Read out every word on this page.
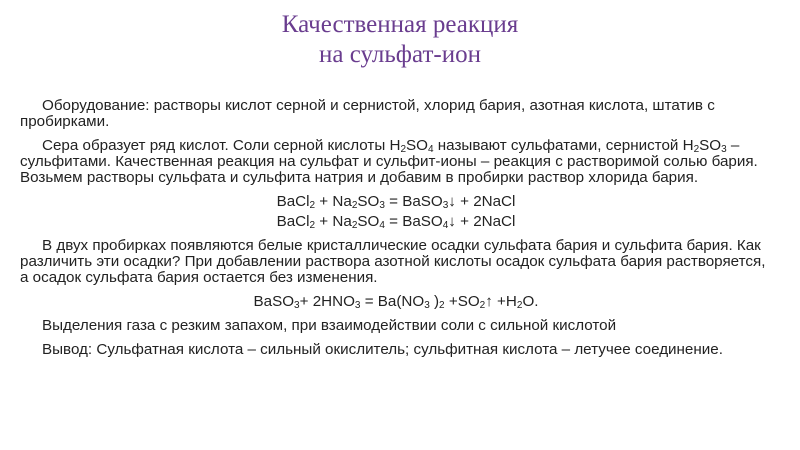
Качественная реакция
на сульфат-ион

Оборудование: растворы кислот серной и сернистой, хлорид бария, азотная кислота, штатив с пробирками.

Сера образует ряд кислот. Соли серной кислоты $H_2SO_4$ называют сульфатами, сернистой $H_2SO_3$ – сульфитами. Качественная реакция на сульфат и сульфит-ионы – реакция с растворимой солью бария. Возьмем растворы сульфата и сульфита натрия и добавим в пробирки раствор хлорида бария.

BaCl$_2$ + $Na_2SO_3$ = BaSO$_3$↓ + 2NaCl
BaCl$_2$ + $Na_2SO_4$ = BaSO$_4$↓ + 2NaCl

В двух пробирках появляются белые кристаллические осадки сульфата бария и сульфита бария. Как различить эти осадки? При добавлении раствора азотной кислоты осадок сульфата бария растворяется, а осадок сульфата бария остается без изменения.

BaSO$_3$+ $2HNO_3 = Ba(NO_3$ )$_2$ $+SO_2↑ +H_2O$.

Выделения газа с резким запахом, при взаимодействии соли с сильной кислотой

Вывод: Сульфатная кислота – сильный окислитель; сульфитная кислота – летучее соединение.
